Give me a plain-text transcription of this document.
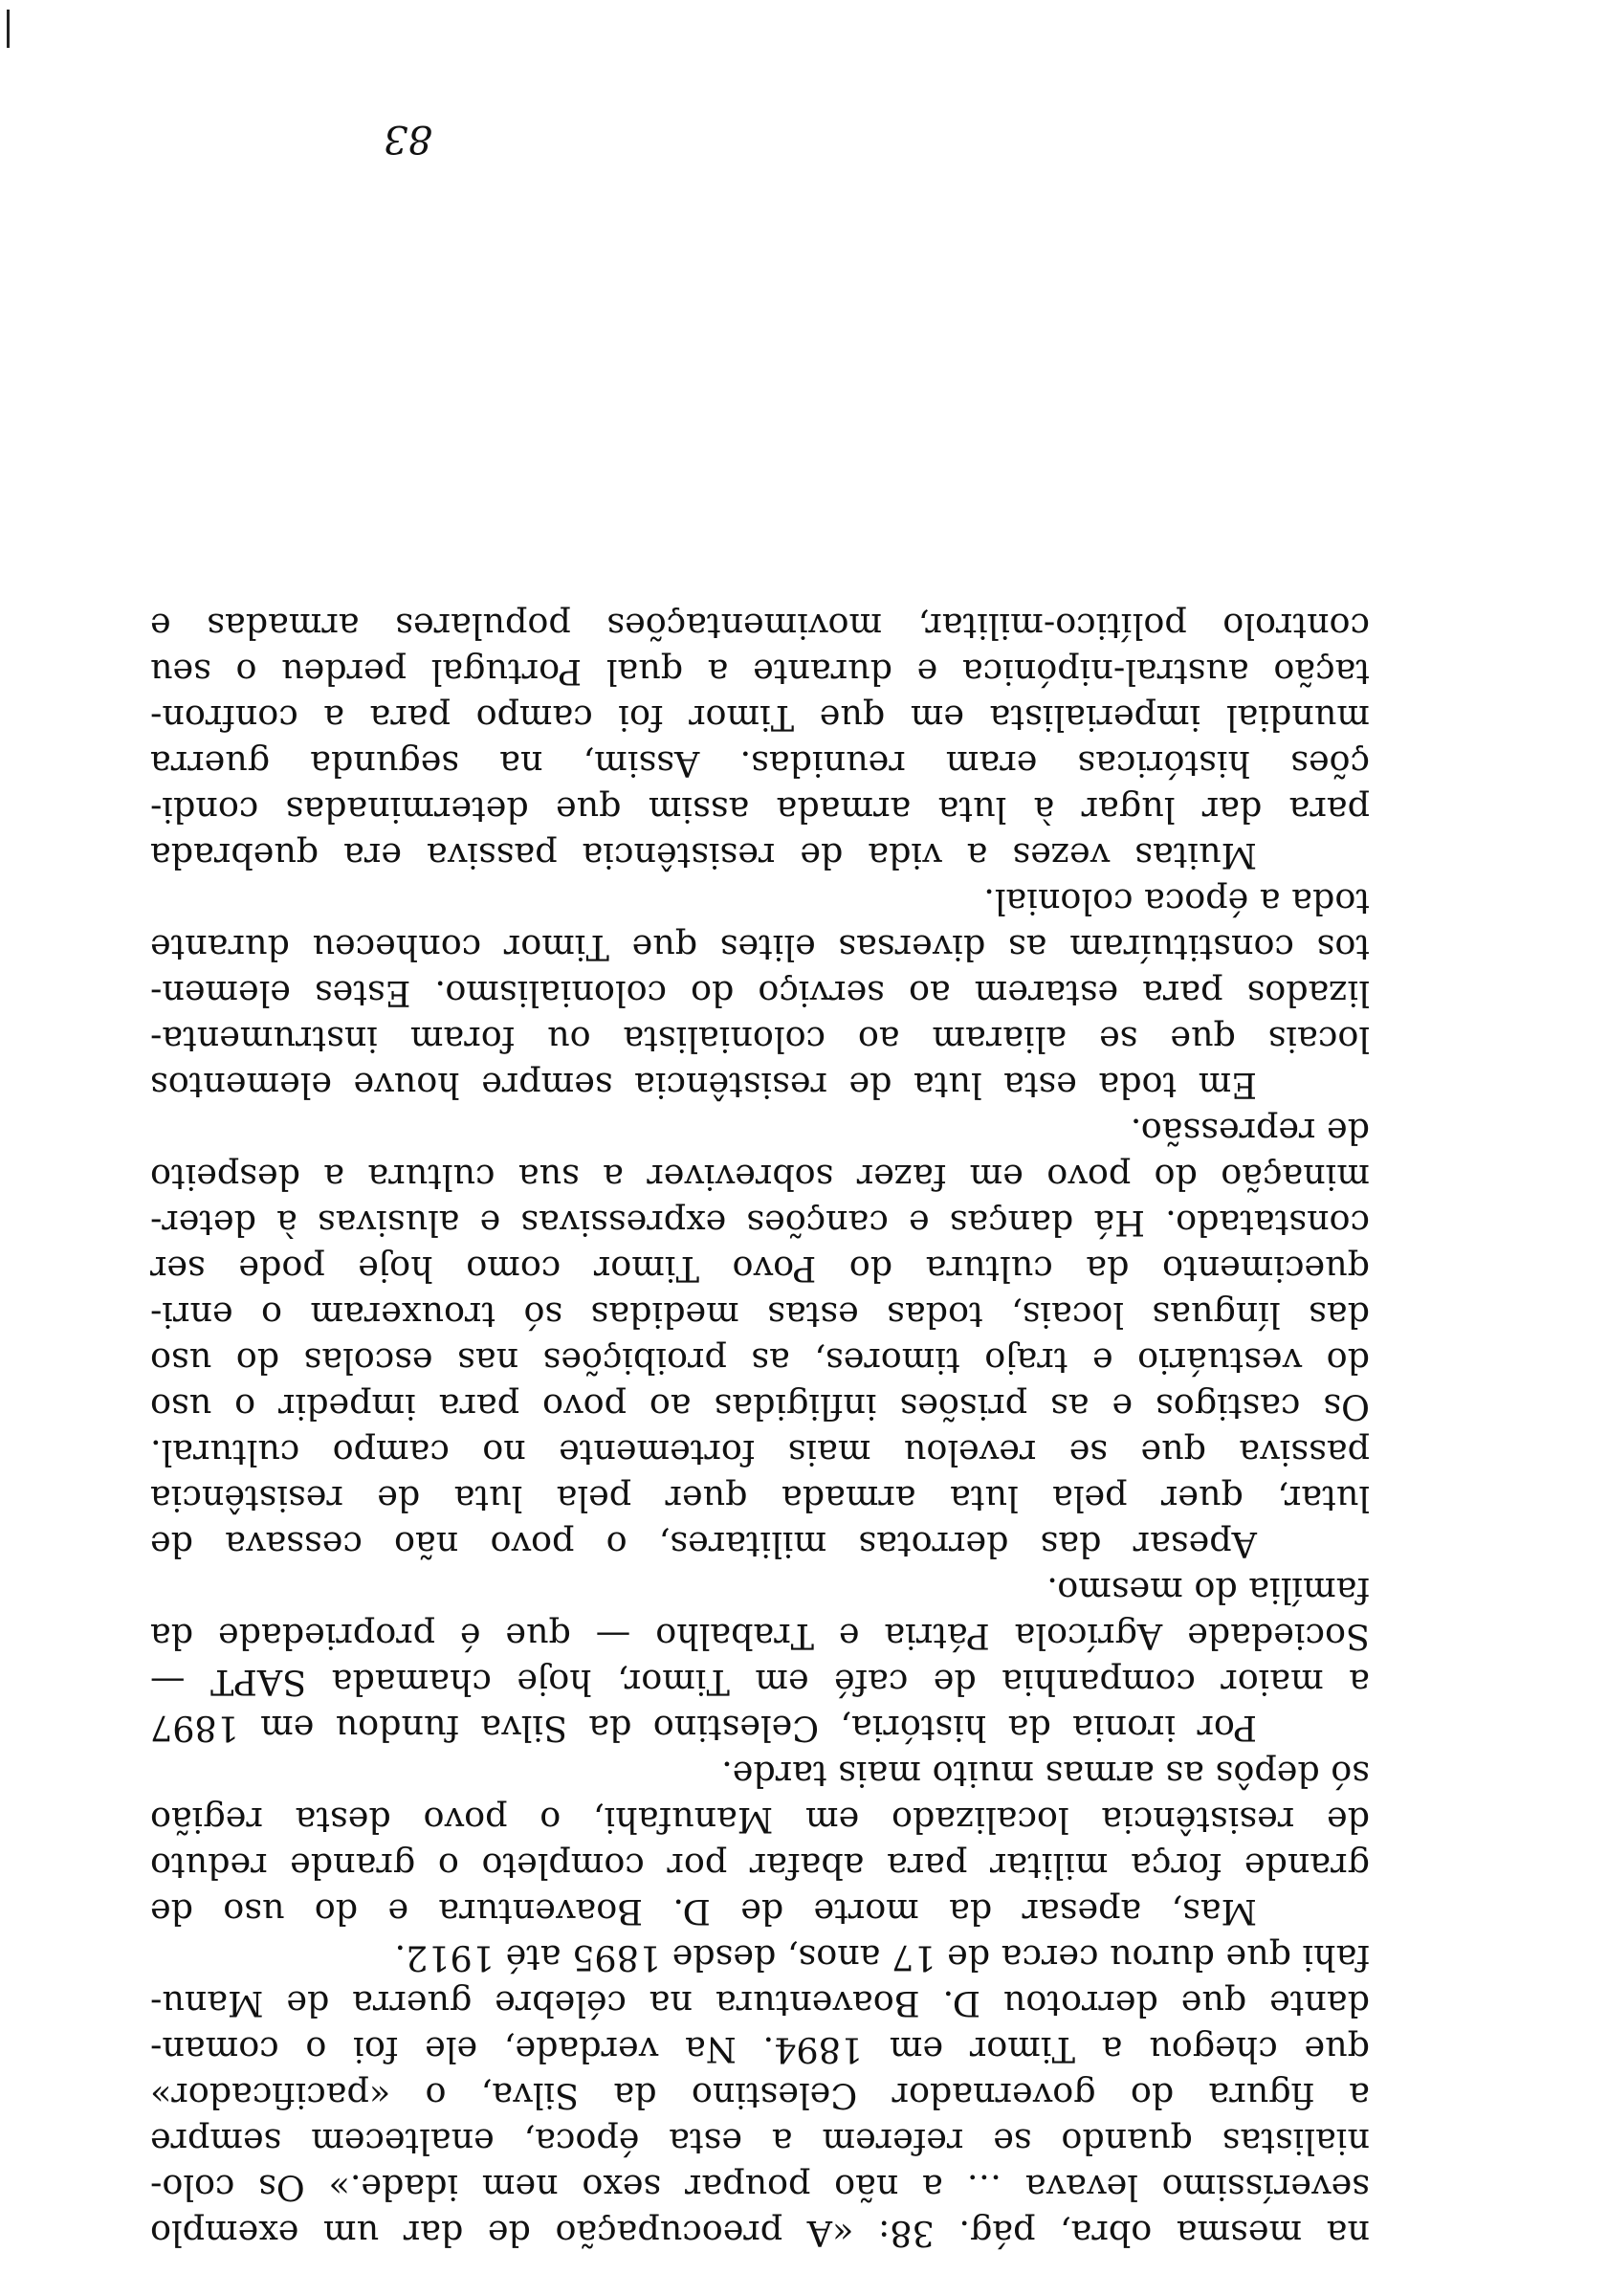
na mesma obra, pág. 38: «A preocupação de dar um exemplo
severíssimo levava … a não poupar sexo nem idade.» Os colo-
nialistas quando se referem a esta época, enaltecem sempre
a figura do governador Celestino da Silva, o «pacificador»
que chegou a Timor em 1894. Na verdade, ele foi o coman-
dante que derrotou D. Boaventura na célebre guerra de Manu-
fahi que durou cerca de 17 anos, desde 1895 até 1912.
Mas, apesar da morte de D. Boaventura e do uso de
grande força militar para abafar por completo o grande reduto
de resistência localizado em Manufahi, o povo desta região
só depôs as armas muito mais tarde.
Por ironia da história, Celestino da Silva fundou em 1897
a maior companhia de café em Timor, hoje chamada SAPT —
Sociedade Agrícola Pátria e Trabalho — que é propriedade da
família do mesmo.
Apesar das derrotas militares, o povo não cessava de
lutar, quer pela luta armada quer pela luta de resistência
passiva que se revelou mais fortemente no campo cultural.
Os castigos e as prisões infligidas ao povo para impedir o uso
do vestuário e trajo timores, as proibições nas escolas do uso
das línguas locais, todas estas medidas só trouxeram o enri-
quecimento da cultura do Povo Timor como hoje pode ser
constatado. Há danças e canções expressivas e alusivas à deter-
minação do povo em fazer sobreviver a sua cultura a despeito
de repressão.
Em toda esta luta de resistência sempre houve elementos
locais que se aliaram ao colonialista ou foram instrumenta-
lizados para estarem ao serviço do colonialismo. Estes elemen-
tos constituíram as diversas elites que Timor conheceu durante
toda a época colonial.
Muitas vezes a vida de resistência passiva era quebrada
para dar lugar à luta armada assim que determinadas condi-
ções históricas eram reunidas. Assim, na segunda guerra
mundial imperialista em que Timor foi campo para a confron-
tação austral-nipónica e durante a qual Portugal perdeu o seu
controlo político-militar, movimentações populares armadas e
83
